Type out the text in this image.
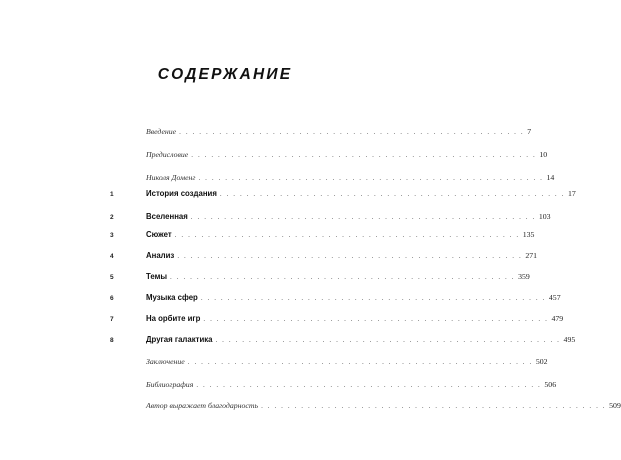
СОДЕРЖАНИЕ
Введение . . . . . . . . . . . . . . . . . . . . . . . . . . . . . . . . . . . . . . . . . . . . . . . . . . . . 7
Предисловие . . . . . . . . . . . . . . . . . . . . . . . . . . . . . . . . . . . . . . . . . . . . . . . . . . . . 10
Николя Доменг . . . . . . . . . . . . . . . . . . . . . . . . . . . . . . . . . . . . . . . . . . . . . . . . . . . . 14
1	История создания . . . . . . . . . . . . . . . . . . . . . . . . . . . . . . . . . . . . . . . . . . . . . . . . . . . . 17
2	Вселенная . . . . . . . . . . . . . . . . . . . . . . . . . . . . . . . . . . . . . . . . . . . . . . . . . . . . 103
3	Сюжет . . . . . . . . . . . . . . . . . . . . . . . . . . . . . . . . . . . . . . . . . . . . . . . . . . . . 135
4	Анализ . . . . . . . . . . . . . . . . . . . . . . . . . . . . . . . . . . . . . . . . . . . . . . . . . . . . 271
5	Темы . . . . . . . . . . . . . . . . . . . . . . . . . . . . . . . . . . . . . . . . . . . . . . . . . . . . 359
6	Музыка сфер . . . . . . . . . . . . . . . . . . . . . . . . . . . . . . . . . . . . . . . . . . . . . . . . . . . . 457
7	На орбите игр . . . . . . . . . . . . . . . . . . . . . . . . . . . . . . . . . . . . . . . . . . . . . . . . . . . . 479
8	Другая галактика . . . . . . . . . . . . . . . . . . . . . . . . . . . . . . . . . . . . . . . . . . . . . . . . . . . . 495
Заключение . . . . . . . . . . . . . . . . . . . . . . . . . . . . . . . . . . . . . . . . . . . . . . . . . . . . 502
Библиография . . . . . . . . . . . . . . . . . . . . . . . . . . . . . . . . . . . . . . . . . . . . . . . . . . . . 506
Автор выражает благодарность . . . . . . . . . . . . . . . . . . . . . . . . . . . . . . . . . . . . . . . . . . . . . . . . . . . . 509
